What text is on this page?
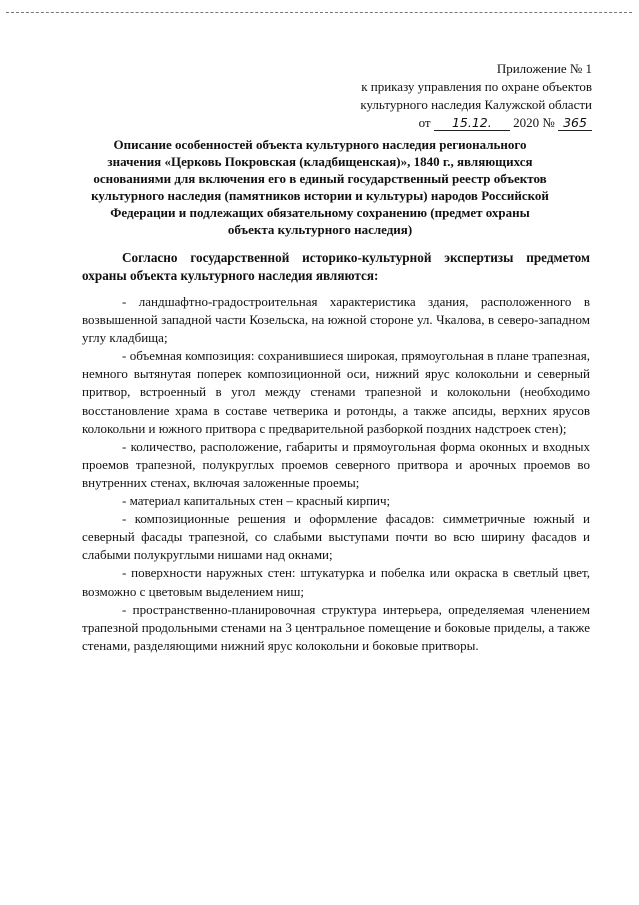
Приложение № 1
к приказу управления по охране объектов
культурного наследия Калужской области
от 15.12. 2020 № 365
Описание особенностей объекта культурного наследия регионального
значения «Церковь Покровская (кладбищенская)», 1840 г., являющихся
основаниями для включения его в единый государственный реестр объектов
культурного наследия (памятников истории и культуры) народов Российской
Федерации и подлежащих обязательному сохранению (предмет охраны
объекта культурного наследия)
Согласно государственной историко-культурной экспертизы предметом охраны объекта культурного наследия являются:

- ландшафтно-градостроительная характеристика здания, расположенного в возвышенной западной части Козельска, на южной стороне ул. Чкалова, в северо-западном углу кладбища;

- объемная композиция: сохранившиеся широкая, прямоугольная в плане трапезная, немного вытянутая поперек композиционной оси, нижний ярус колокольни и северный притвор, встроенный в угол между стенами трапезной и колокольни (необходимо восстановление храма в составе четверика и ротонды, а также апсиды, верхних ярусов колокольни и южного притвора с предварительной разборкой поздних надстроек стен);

- количество, расположение, габариты и прямоугольная форма оконных и входных проемов трапезной, полукруглых проемов северного притвора и арочных проемов во внутренних стенах, включая заложенные проемы;

- материал капитальных стен – красный кирпич;

- композиционные решения и оформление фасадов: симметричные южный и северный фасады трапезной, со слабыми выступами почти во всю ширину фасадов и слабыми полукруглыми нишами над окнами;

- поверхности наружных стен: штукатурка и побелка или окраска в светлый цвет, возможно с цветовым выделением ниш;

- пространственно-планировочная структура интерьера, определяемая членением трапезной продольными стенами на 3 центральное помещение и боковые приделы, а также стенами, разделяющими нижний ярус колокольни и боковые притворы.
